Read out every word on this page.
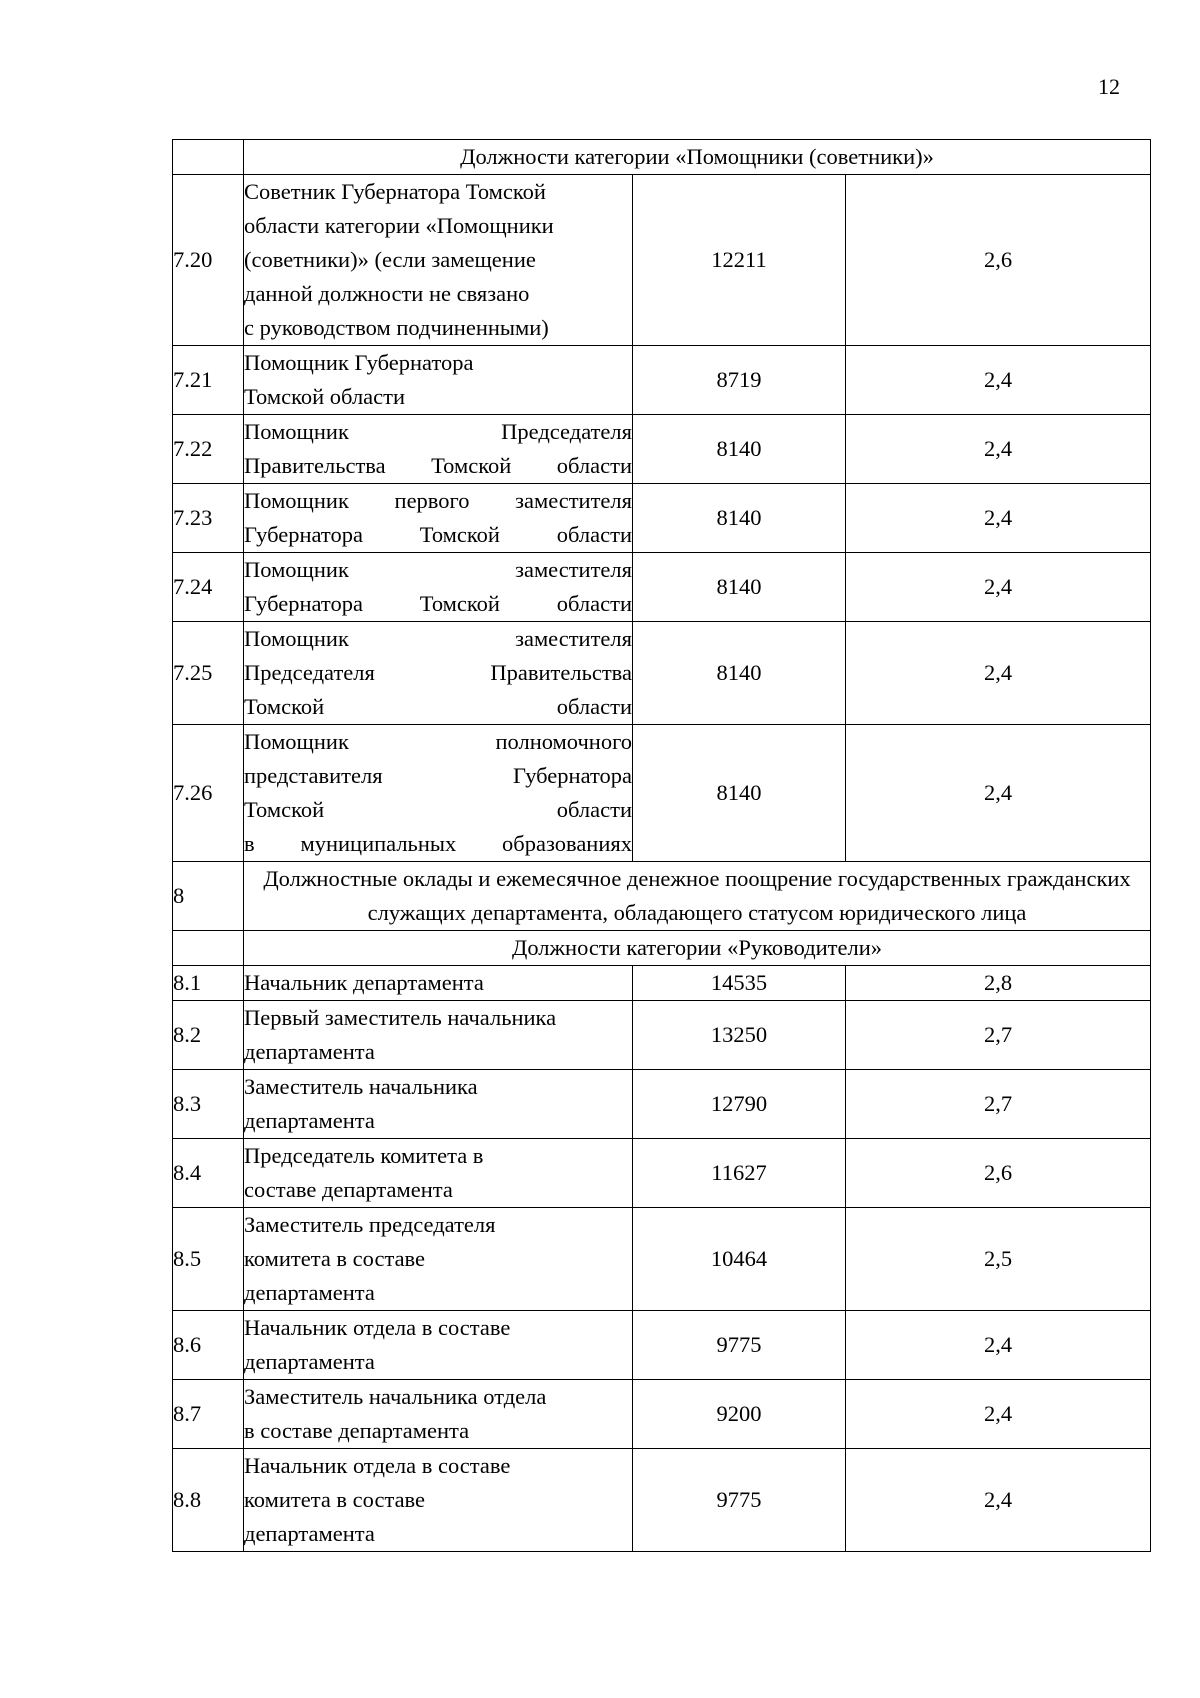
12
	Должности категории «Помощники (советники)»		
7.20	Советник Губернатора Томской
области категории «Помощники
(советники)» (если замещение
данной должности не связано
с руководством подчиненными)	12211	2,6
7.21	Помощник Губернатора
Томской области	8719	2,4
7.22	Помощник Председателя
Правительства Томской области	8140	2,4
7.23	Помощник первого заместителя
Губернатора Томской области	8140	2,4
7.24	Помощник заместителя
Губернатора Томской области	8140	2,4
7.25	Помощник заместителя
Председателя Правительства
Томской области	8140	2,4
7.26	Помощник полномочного
представителя Губернатора
Томской области
в муниципальных образованиях	8140	2,4
8	Должностные оклады и ежемесячное денежное поощрение государственных гражданских служащих департамента, обладающего статусом юридического лица		
	Должности категории «Руководители»		
8.1	Начальник департамента	14535	2,8
8.2	Первый заместитель начальника
департамента	13250	2,7
8.3	Заместитель начальника
департамента	12790	2,7
8.4	Председатель комитета в
составе департамента	11627	2,6
8.5	Заместитель председателя
комитета в составе
департамента	10464	2,5
8.6	Начальник отдела в составе
департамента	9775	2,4
8.7	Заместитель начальника отдела
в составе департамента	9200	2,4
8.8	Начальник отдела в составе
комитета в составе
департамента	9775	2,4
